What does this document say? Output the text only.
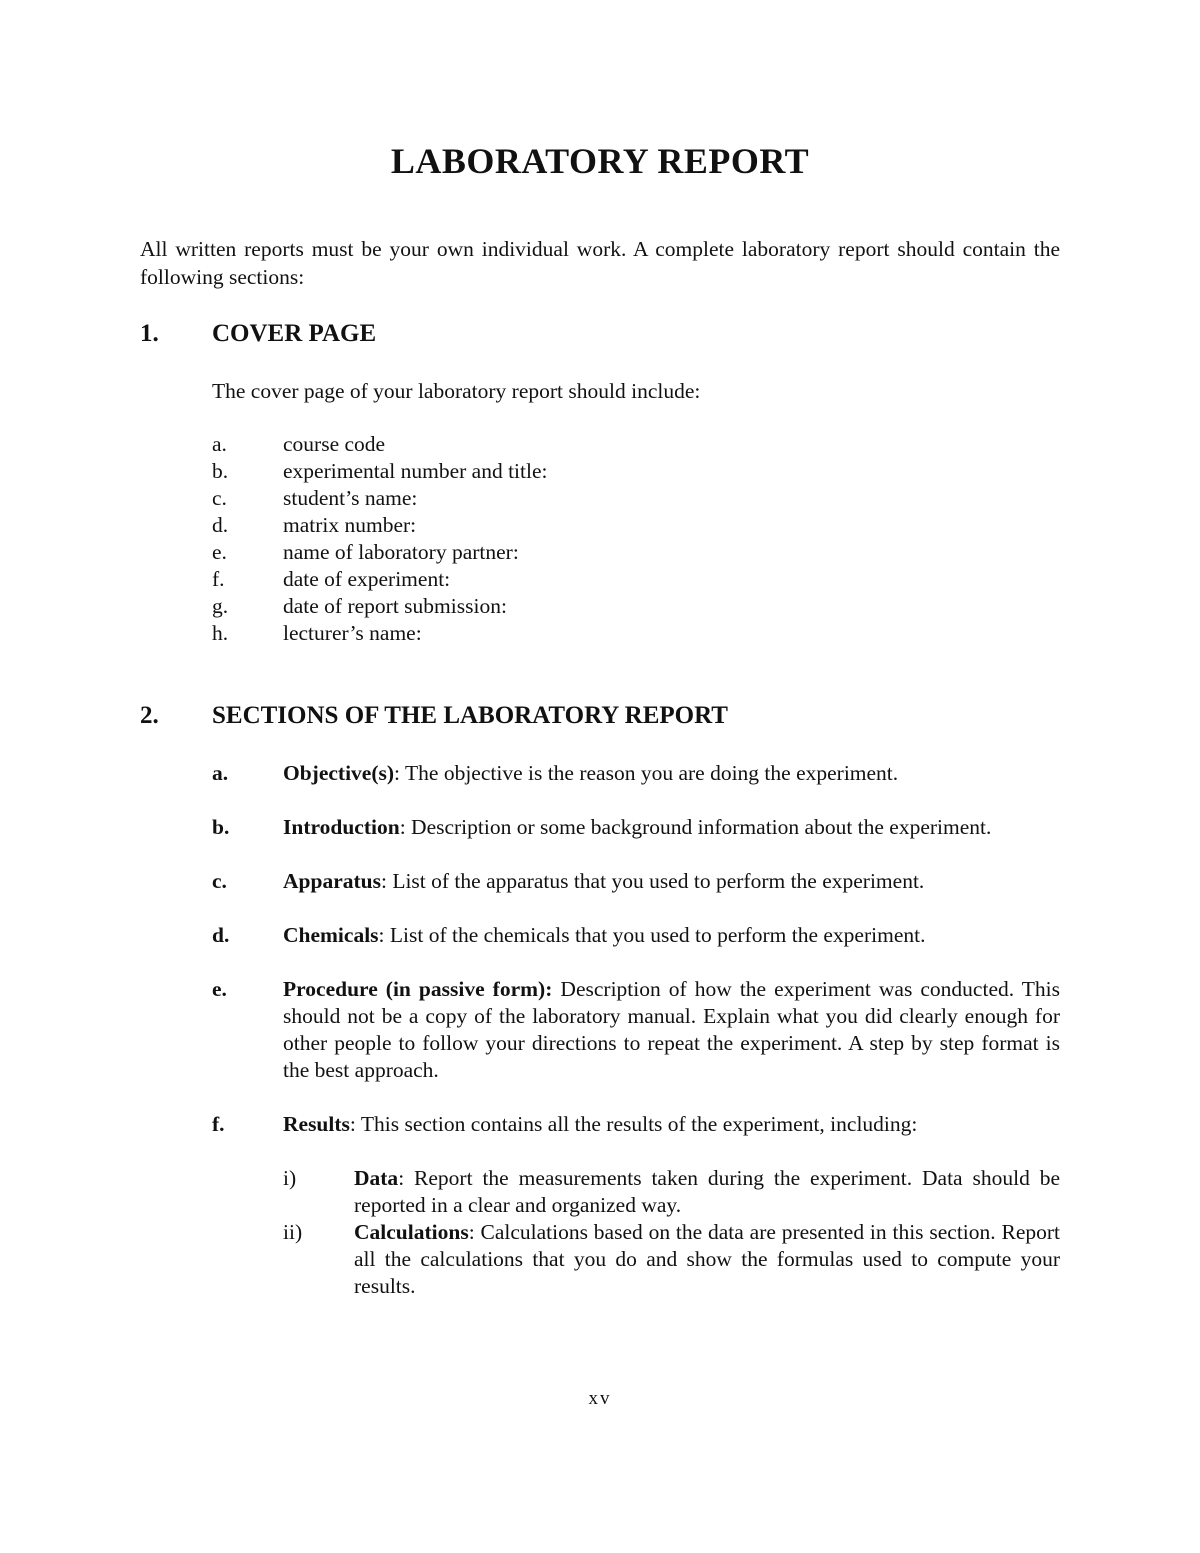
LABORATORY REPORT
All written reports must be your own individual work. A complete laboratory report should contain the following sections:
1. COVER PAGE
The cover page of your laboratory report should include:
a.	course code
b.	experimental number and title:
c.	student’s name:
d.	matrix number:
e.	name of laboratory partner:
f.	date of experiment:
g.	date of report submission:
h.	lecturer’s name:
2. SECTIONS OF THE LABORATORY REPORT
a.	Objective(s): The objective is the reason you are doing the experiment.
b. Introduction: Description or some background information about the experiment.
c.	Apparatus: List of the apparatus that you used to perform the experiment.
d. Chemicals: List of the chemicals that you used to perform the experiment.
e.	Procedure (in passive form): Description of how the experiment was conducted. This should not be a copy of the laboratory manual. Explain what you did clearly enough for other people to follow your directions to repeat the experiment. A step by step format is the best approach.
f.	Results: This section contains all the results of the experiment, including:
i)	Data: Report the measurements taken during the experiment. Data should be reported in a clear and organized way.
ii) Calculations: Calculations based on the data are presented in this section. Report all the calculations that you do and show the formulas used to compute your results.
xv
